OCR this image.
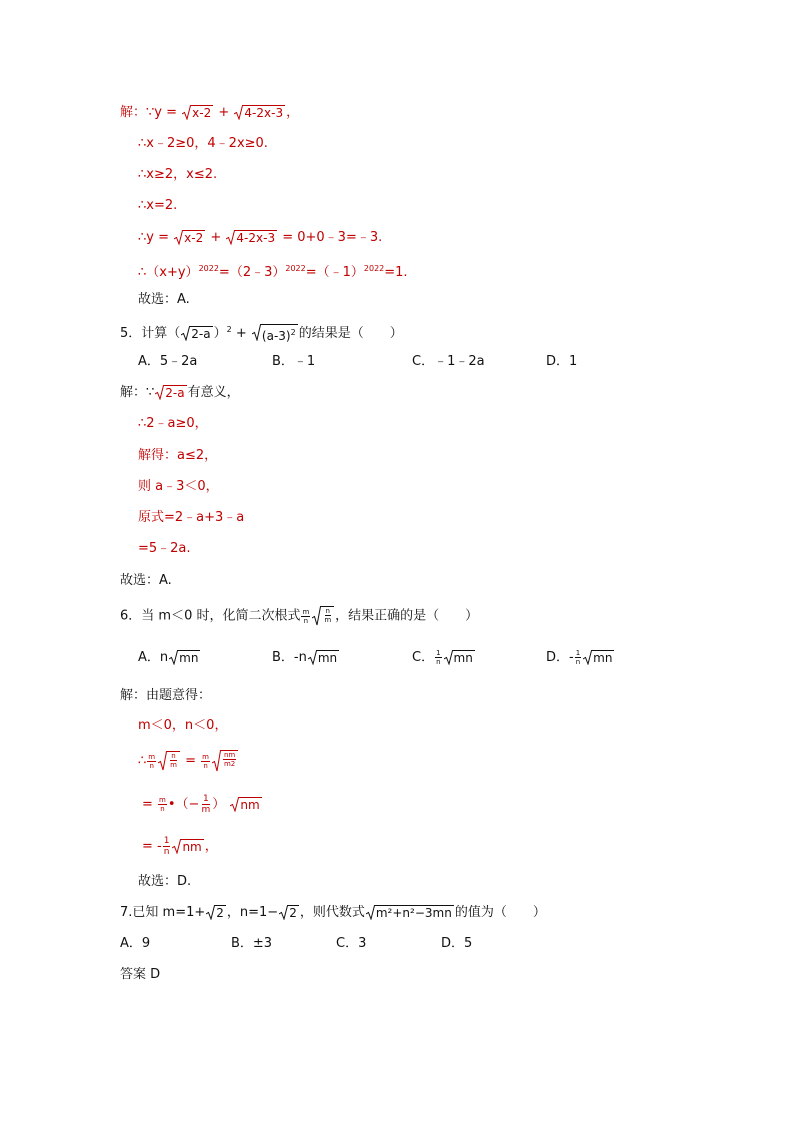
解：∵y = x-2 + 4-2x-3 ，
∴x﹣2≥0，4﹣2x≥0.
∴x≥2，x≤2.
∴x=2.
∴y = x-2 + 4-2x-3 = 0+0﹣3=﹣3.
$\therefore(x+y)^{2022}=(2﹣3)^{2022}=(﹣1)^{2022}=1$.
故选：A.
5．计算（ 2-a ）$^2 + (a-3)^2$ 的结果是（　　）
A．5﹣2a	B．﹣1	C．﹣1﹣2a	D．1
解：∵ 2-a 有意义，
∴2﹣a≥0，
解得：a≤2，
则 a﹣3＜0，
原式=2﹣a+3﹣a
=5﹣2a.
故选：A.
6．当 m＜0 时，化简二次根式 $\frac{m}{n} \frac{n}{m}$ ，结果正确的是（　　）
A．n mn	B．-n mn	C． $\frac{1}{n}$ mn	D．- $\frac{1}{n}$ mn
解：由题意得：
m＜0，n＜0，
∴ $\frac{m}{n} \frac{n}{m} = \frac{m}{n} \frac{nm}{m2}$
= $\frac{m}{n}$ •（− $\frac{1}{m}$ ） nm
= - $\frac{1}{n}$ nm ，
故选：D.
7.已知 m=1+ 2 ，n=1− 2 ，则代数式 m²+n²−3mn 的值为（　　）
A．9	B．±3	C．3	D．5
答案 D
